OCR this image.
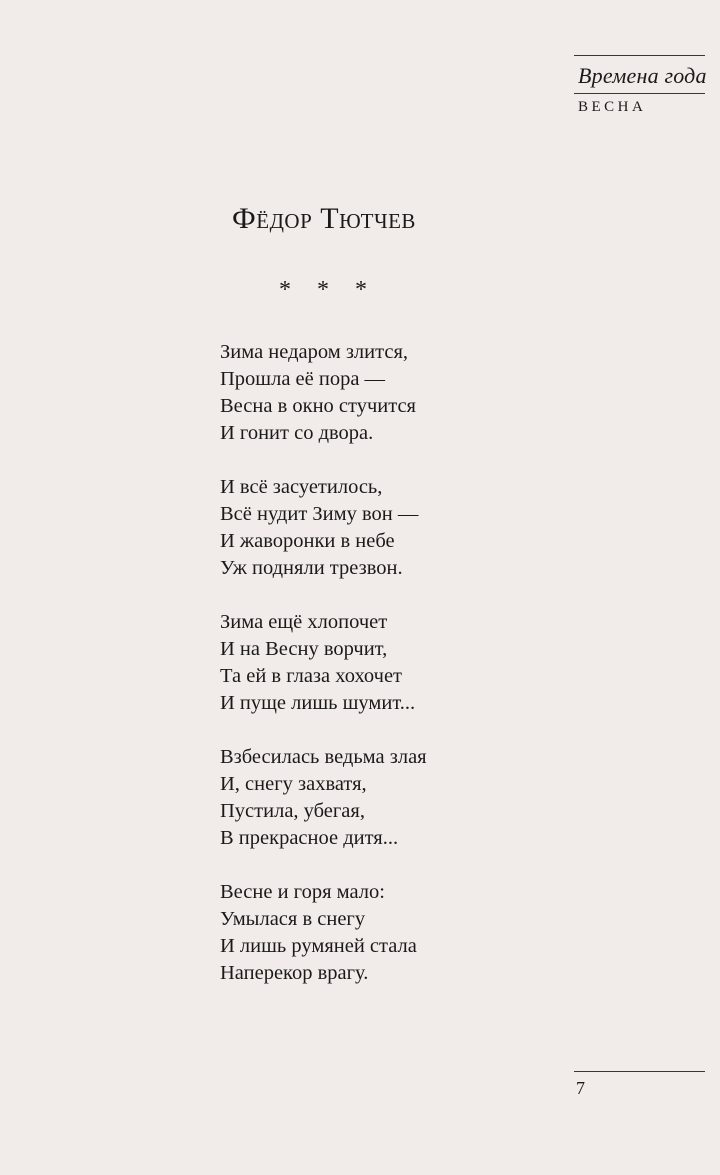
Времена года
ВЕСНА
Фёдор Тютчев
* * *
Зима недаром злится,
Прошла её пора —
Весна в окно стучится
И гонит со двора.
И всё засуетилось,
Всё нудит Зиму вон —
И жаворонки в небе
Уж подняли трезвон.
Зима ещё хлопочет
И на Весну ворчит,
Та ей в глаза хохочет
И пуще лишь шумит...
Взбесилась ведьма злая
И, снегу захватя,
Пустила, убегая,
В прекрасное дитя...
Весне и горя мало:
Умылася в снегу
И лишь румяней стала
Наперекор врагу.
7
